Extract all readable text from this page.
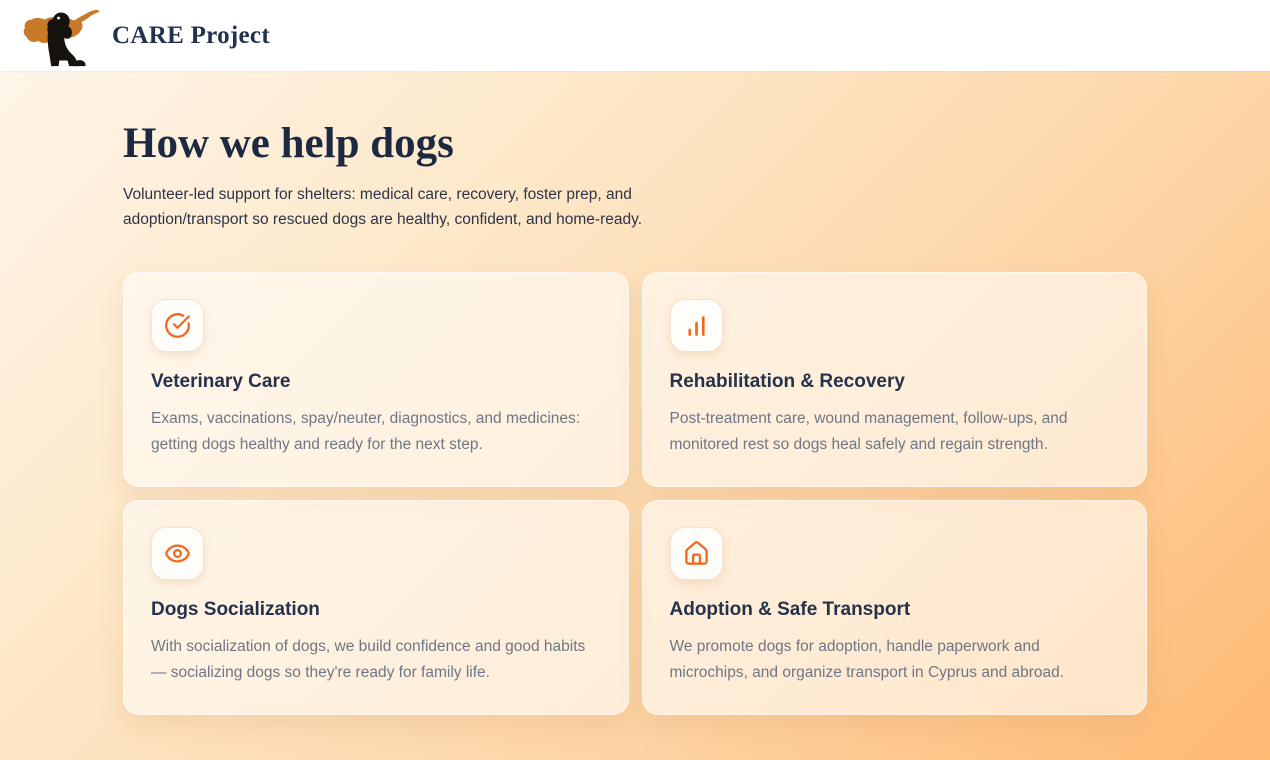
CARE Project
How we help dogs

Volunteer-led support for shelters: medical care, recovery, foster prep, and adoption/transport so rescued dogs are healthy, confident, and home-ready.

Veterinary Care

Exams, vaccinations, spay/neuter, diagnostics, and medicines: getting dogs healthy and ready for the next step.

Rehabilitation & Recovery

Post-treatment care, wound management, follow-ups, and monitored rest so dogs heal safely and regain strength.

Dogs Socialization

With socialization of dogs, we build confidence and good habits — socializing dogs so they're ready for family life.

Adoption & Safe Transport

We promote dogs for adoption, handle paperwork and microchips, and organize transport in Cyprus and abroad.
